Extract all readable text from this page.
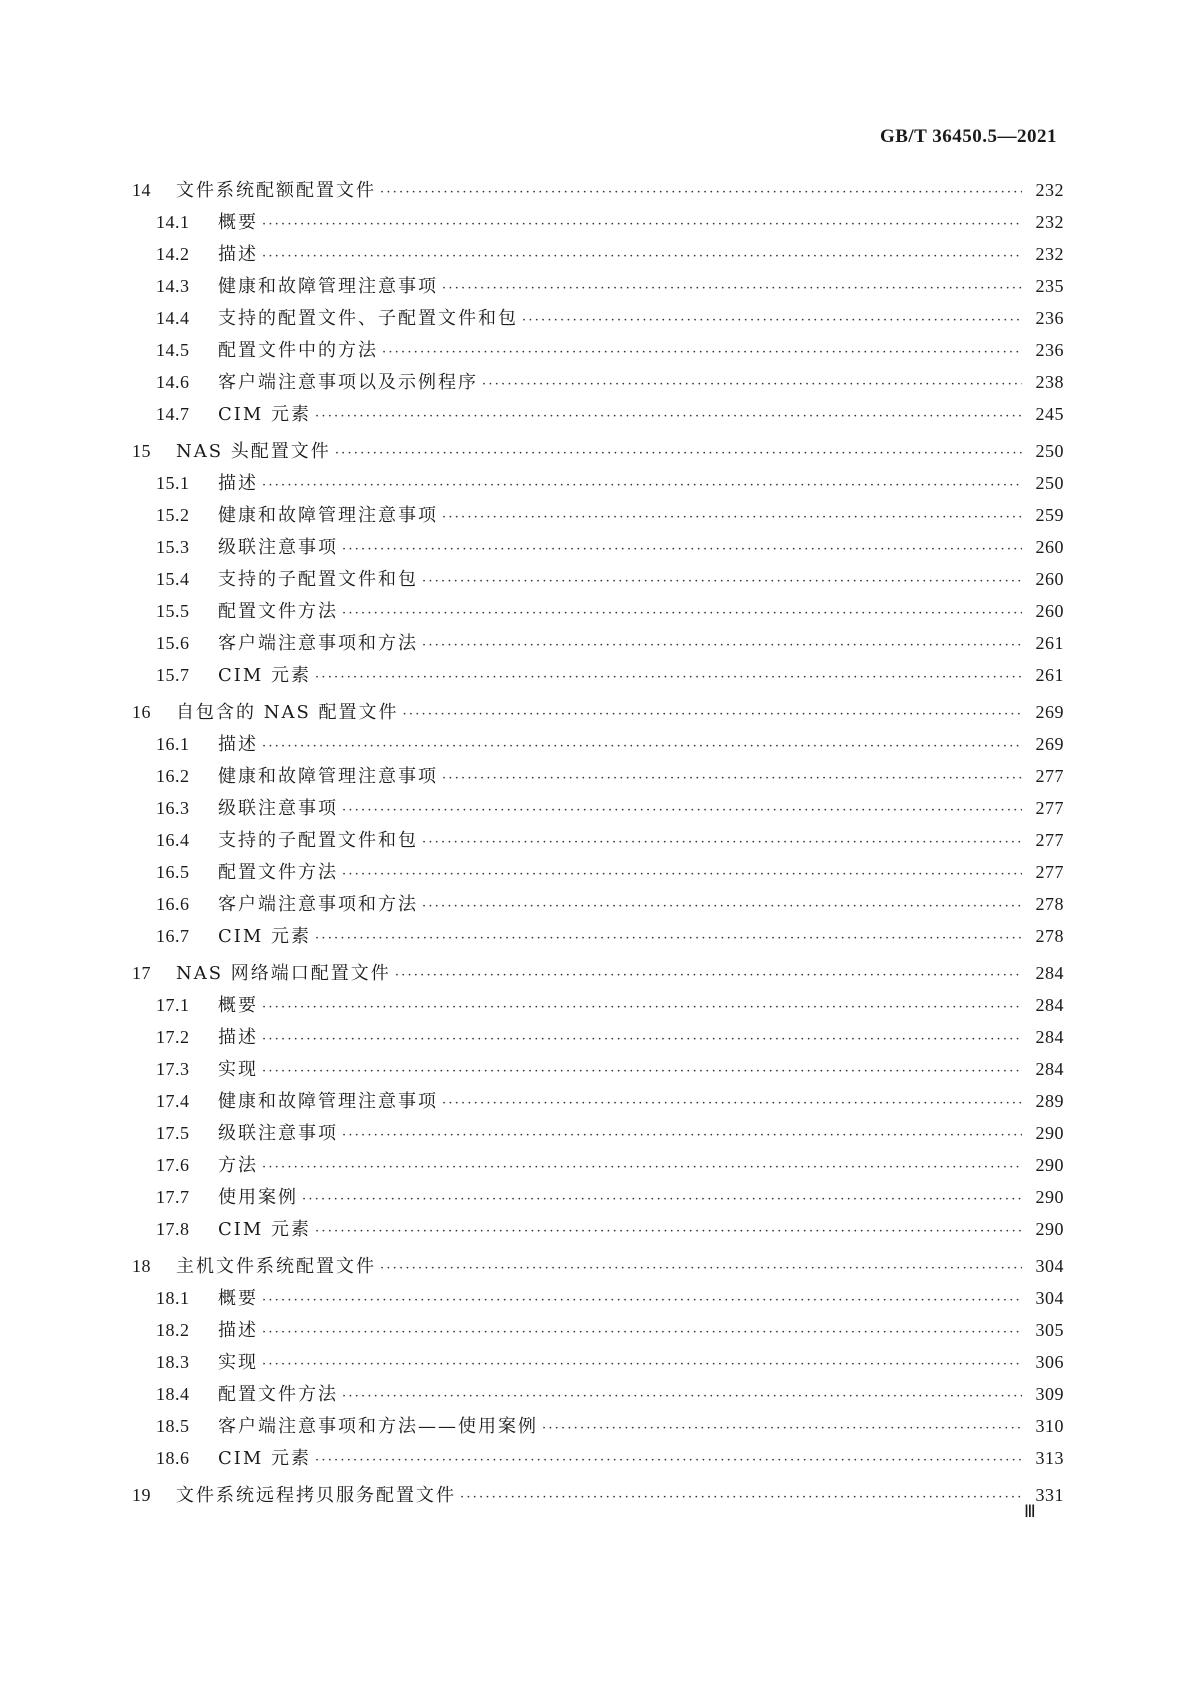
GB/T 36450.5—2021
14	文件系统配额配置文件 ·····	232
14.1	概要 ·····	232
14.2	描述 ·····	232
14.3	健康和故障管理注意事项 ·····	235
14.4	支持的配置文件、子配置文件和包 ·····	236
14.5	配置文件中的方法 ·····	236
14.6	客户端注意事项以及示例程序 ·····	238
14.7	CIM 元素 ·····	245
15	NAS 头配置文件 ·····	250
15.1	描述 ·····	250
15.2	健康和故障管理注意事项 ·····	259
15.3	级联注意事项 ·····	260
15.4	支持的子配置文件和包 ·····	260
15.5	配置文件方法 ·····	260
15.6	客户端注意事项和方法 ·····	261
15.7	CIM 元素 ·····	261
16	自包含的 NAS 配置文件 ·····	269
16.1	描述 ·····	269
16.2	健康和故障管理注意事项 ·····	277
16.3	级联注意事项 ·····	277
16.4	支持的子配置文件和包 ·····	277
16.5	配置文件方法 ·····	277
16.6	客户端注意事项和方法 ·····	278
16.7	CIM 元素 ·····	278
17	NAS 网络端口配置文件 ·····	284
17.1	概要 ·····	284
17.2	描述 ·····	284
17.3	实现 ·····	284
17.4	健康和故障管理注意事项 ·····	289
17.5	级联注意事项 ·····	290
17.6	方法 ·····	290
17.7	使用案例 ·····	290
17.8	CIM 元素 ·····	290
18	主机文件系统配置文件 ·····	304
18.1	概要 ·····	304
18.2	描述 ·····	305
18.3	实现 ·····	306
18.4	配置文件方法 ·····	309
18.5	客户端注意事项和方法——使用案例 ·····	310
18.6	CIM 元素 ·····	313
19	文件系统远程拷贝服务配置文件 ·····	331
Ⅲ
